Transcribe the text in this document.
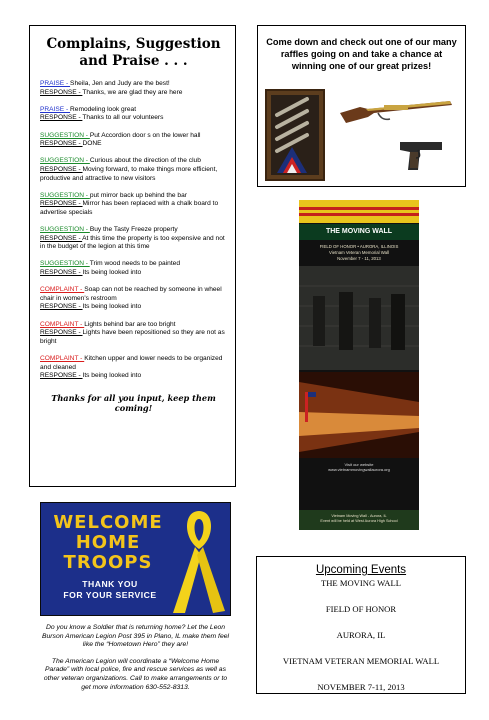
Complains, Suggestion
and Praise . . .
PRAISE - Sheila, Jen and Judy are the best!
RESPONSE - Thanks, we are glad they are here
PRAISE - Remodeling look great
RESPONSE - Thanks to all our volunteers
SUGGESTION - Put Accordion door s on the lower hall
RESPONSE - DONE
SUGGESTION - Curious about the direction of the club
RESPONSE - Moving forward, to make things more efficient, productive and attractive to new visitors
SUGGESTION - put mirror back up behind the bar
RESPONSE - Mirror has been replaced with a chalk board to advertise specials
SUGGESTION - Buy the Tasty Freeze property
RESPONSE - At this time the property is too expensive and not in the budget of the legion at this time
SUGGESTION - Trim wood needs to be painted
RESPONSE - Its being looked into
COMPLAINT - Soap can not be reached by someone in wheel chair in women's restroom
RESPONSE - Its being looked into
COMPLAINT - Lights behind bar are too bright
RESPONSE - Lights have been repositioned so they are not as bright
COMPLAINT - Kitchen upper and lower needs to be organized and cleaned
RESPONSE - Its being looked into
Thanks for all you input, keep them coming!
Come down and check out one of our many raffles going on and take a chance at winning one of our great prizes!
THE MOVING WALL
FIELD OF HONOR • AURORA, ILLINOIS
Vietnam Veteran Memorial Wall
November 7 - 11, 2013
Visit our website
www.vietnammovingwallaurora.org
Vietnam Moving Wall - Aurora, IL
Event will be held at West Aurora High School
WELCOME
HOME
TROOPS
THANK YOU
FOR YOUR SERVICE

Do you know a Soldier that is returning home? Let the Leon Burson American Legion Post 395 in Plano, IL make them feel like the “Hometown Hero” they are!

The American Legion will coordinate a “Welcome Home Parade” with local police, fire and rescue services as well as other veteran organizations. Call to make arrangements or to get more information 630-552-8313.

Upcoming Events
THE MOVING WALL
FIELD OF HONOR
AURORA, IL
VIETNAM VETERAN MEMORIAL WALL
NOVEMBER 7-11, 2013
